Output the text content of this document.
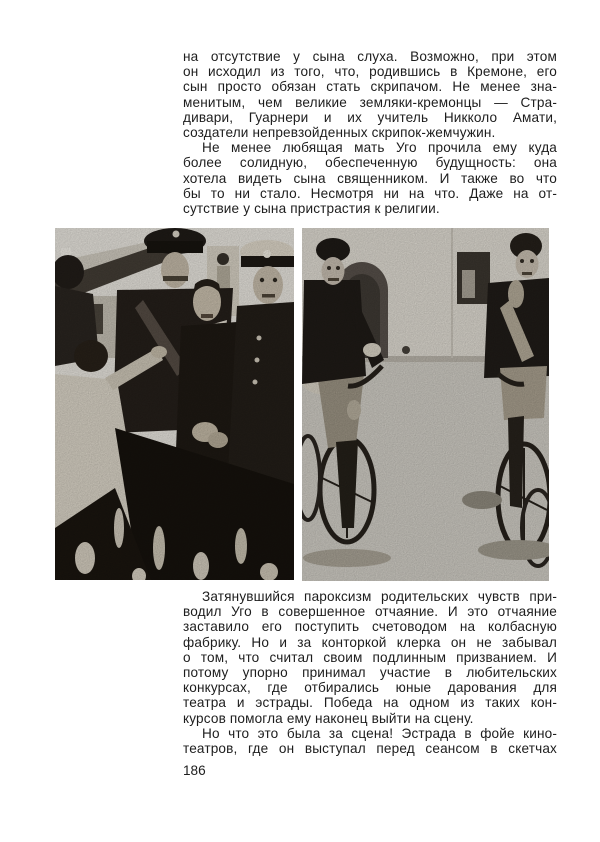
на отсутствие у сына слуха. Возможно, при этом
он исходил из того, что, родившись в Кремоне, его
сын просто обязан стать скрипачом. Не менее зна-
менитым, чем великие земляки-кремонцы — Стра-
дивари, Гуарнери и их учитель Никколо Амати,
создатели непревзойденных скрипок-жемчужин.
Не менее любящая мать Уго прочила ему куда
более солидную, обеспеченную будущность: она
хотела видеть сына священником. И также во что
бы то ни стало. Несмотря ни на что. Даже на от-
сутствие у сына пристрастия к религии.
Затянувшийся пароксизм родительских чувств при-
водил Уго в совершенное отчаяние. И это отчаяние
заставило его поступить счетоводом на колбасную
фабрику. Но и за конторкой клерка он не забывал
о том, что считал своим подлинным призванием. И
потому упорно принимал участие в любительских
конкурсах, где отбирались юные дарования для
театра и эстрады. Победа на одном из таких кон-
курсов помогла ему наконец выйти на сцену.
Но что это была за сцена! Эстрада в фойе кино-
театров, где он выступал перед сеансом в скетчах
186
